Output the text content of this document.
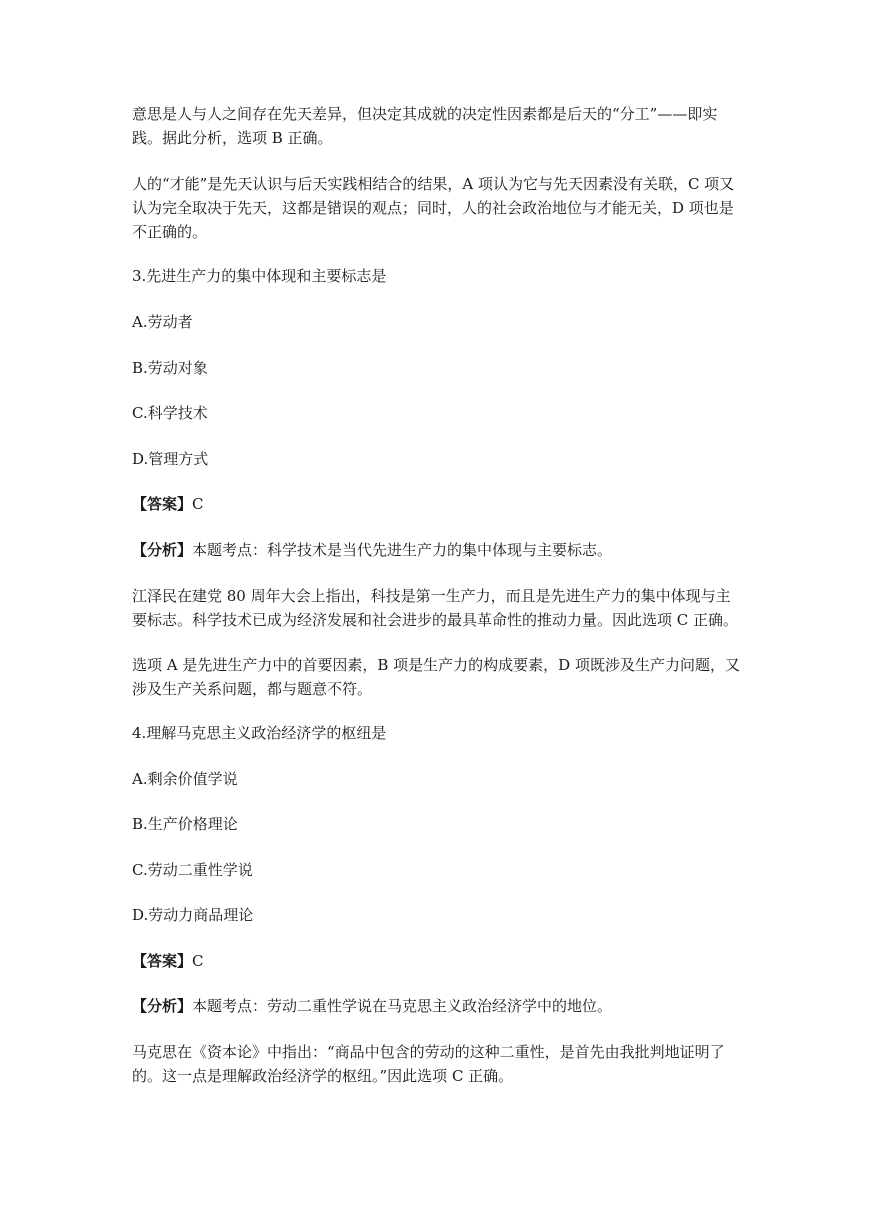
意思是人与人之间存在先天差异，但决定其成就的决定性因素都是后天的“分工”——即实践。据此分析，选项 B 正确。

人的“才能”是先天认识与后天实践相结合的结果，A 项认为它与先天因素没有关联，C 项又认为完全取决于先天，这都是错误的观点；同时，人的社会政治地位与才能无关，D 项也是不正确的。

3.先进生产力的集中体现和主要标志是

A.劳动者

B.劳动对象

C.科学技术

D.管理方式

【答案】C

【分析】本题考点：科学技术是当代先进生产力的集中体现与主要标志。

江泽民在建党 80 周年大会上指出，科技是第一生产力，而且是先进生产力的集中体现与主要标志。科学技术已成为经济发展和社会进步的最具革命性的推动力量。因此选项 C 正确。

选项 A 是先进生产力中的首要因素，B 项是生产力的构成要素，D 项既涉及生产力问题，又涉及生产关系问题，都与题意不符。

4.理解马克思主义政治经济学的枢纽是

A.剩余价值学说

B.生产价格理论

C.劳动二重性学说

D.劳动力商品理论

【答案】C

【分析】本题考点：劳动二重性学说在马克思主义政治经济学中的地位。

马克思在《资本论》中指出：“商品中包含的劳动的这种二重性，是首先由我批判地证明了的。这一点是理解政治经济学的枢纽。”因此选项 C 正确。
